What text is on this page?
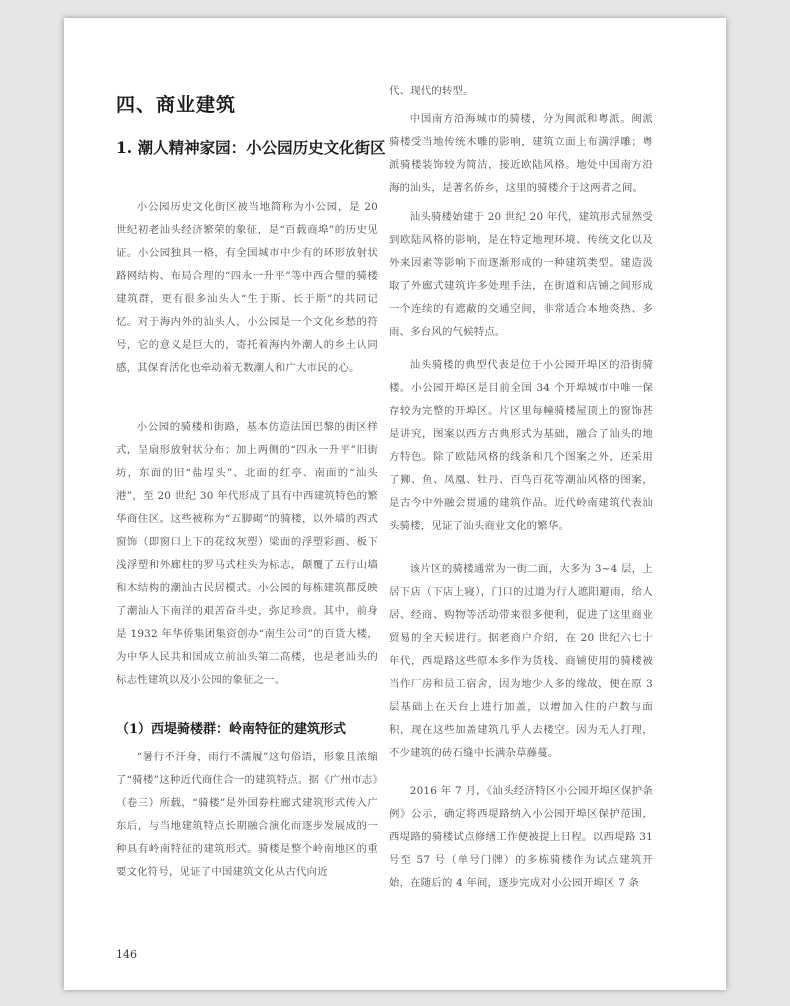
四、商业建筑
1. 潮人精神家园：小公园历史文化街区

小公园历史文化街区被当地简称为小公园，是 20 世纪初老汕头经济繁荣的象征，是“百载商埠”的历史见证。小公园独具一格，有全国城市中少有的环形放射状路网结构、布局合理的“四永一升平”等中西合璧的骑楼建筑群，更有很多汕头人“生于斯、长于斯”的共同记忆。对于海内外的汕头人，小公园是一个文化乡愁的符号，它的意义是巨大的，寄托着海内外潮人的乡土认同感，其保育活化也牵动着无数潮人和广大市民的心。

小公园的骑楼和街路，基本仿造法国巴黎的街区样式，呈扇形放射状分布；加上两侧的“四永一升平”旧街坊，东面的旧“盐埕头”、北面的红亭、南面的“汕头港”，至 20 世纪 30 年代形成了具有中西建筑特色的繁华商住区。这些被称为“五脚砌”的骑楼，以外墙的西式窗饰（即窗口上下的花纹灰塑）梁面的浮塑彩画、板下浅浮塑和外廊柱的罗马式柱头为标志，颠覆了五行山墙和木结构的潮汕古民居模式。小公园的每栋建筑都反映了潮汕人下南洋的艰苦奋斗史，弥足珍贵。其中，前身是 1932 年华侨集团集资创办“南生公司”的百货大楼，为中华人民共和国成立前汕头第二高楼，也是老汕头的标志性建筑以及小公园的象征之一。

（1）西堤骑楼群：岭南特征的建筑形式

“暑行不汗身，雨行不濡履”这句俗语，形象且浓缩了“骑楼”这种近代商住合一的建筑特点。据《广州市志》（卷三）所载，“骑楼”是外国券柱廊式建筑形式传入广东后，与当地建筑特点长期融合演化而逐步发展成的一种具有岭南特征的建筑形式。骑楼是整个岭南地区的重要文化符号，见证了中国建筑文化从古代向近

代、现代的转型。

中国南方沿海城市的骑楼，分为闽派和粤派。闽派骑楼受当地传统木雕的影响，建筑立面上布满浮雕；粤派骑楼装饰较为简洁，接近欧陆风格。地处中国南方沿海的汕头，是著名侨乡，这里的骑楼介于这两者之间。

汕头骑楼始建于 20 世纪 20 年代，建筑形式显然受到欧陆风格的影响，是在特定地理环境、传统文化以及外来因素等影响下而逐渐形成的一种建筑类型。建造汲取了外廊式建筑许多处理手法，在街道和店铺之间形成一个连续的有遮蔽的交通空间，非常适合本地炎热、多雨、多台风的气候特点。

汕头骑楼的典型代表是位于小公园开埠区的沿街骑楼。小公园开埠区是目前全国 34 个开埠城市中唯一保存较为完整的开埠区。片区里每幢骑楼屋顶上的窗饰甚是讲究，图案以西方古典形式为基础，融合了汕头的地方特色。除了欧陆风格的线条和几个图案之外，还采用了狮、鱼、凤凰、牡丹、百鸟百花等潮汕风格的图案，是古今中外融会贯通的建筑作品。近代岭南建筑代表汕头骑楼，见证了汕头商业文化的繁华。

该片区的骑楼通常为一街二面，大多为 3~4 层，上居下店（下店上寝），门口的过道为行人遮阳避雨，给人居、经商、购物等活动带来很多便利，促进了这里商业贸易的全天候进行。据老商户介绍，在 20 世纪六七十年代，西堤路这些原本多作为货栈、商铺使用的骑楼被当作厂房和员工宿舍，因为地少人多的缘故，便在原 3 层基础上在天台上进行加盖，以增加入住的户数与面积，现在这些加盖建筑几乎人去楼空。因为无人打理，不少建筑的砖石缝中长满杂草藤蔓。

2016 年 7 月，《汕头经济特区小公园开埠区保护条例》公示，确定将西堤路纳入小公园开埠区保护范围，西堤路的骑楼试点修缮工作便被提上日程。以西堤路 31 号至 57 号（单号门牌）的多栋骑楼作为试点建筑开始，在随后的 4 年间，逐步完成对小公园开埠区 7 条

146
